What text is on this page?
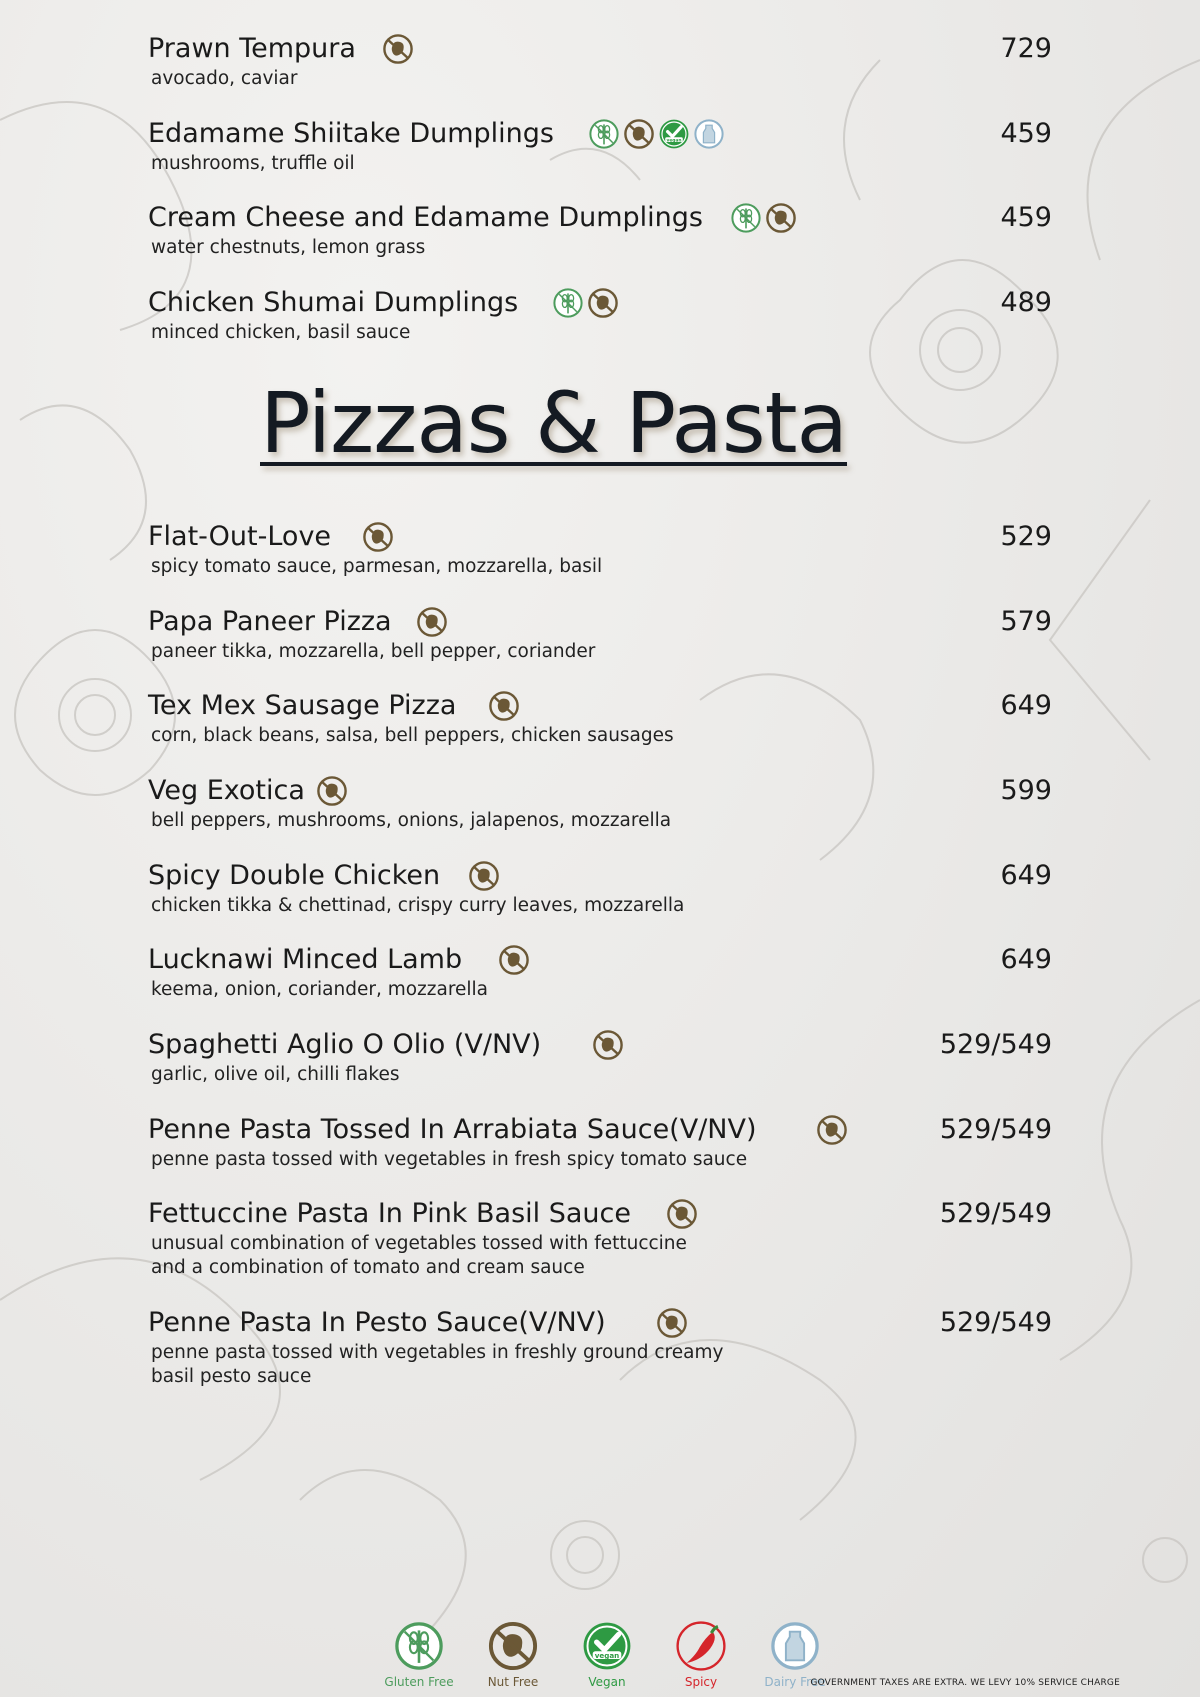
Pizzas & Pasta
Prawn Tempura	729
avocado, caviar
Edamame Shiitake Dumplings	vegan	459
mushrooms, truffle oil
Cream Cheese and Edamame Dumplings	459
water chestnuts, lemon grass
Chicken Shumai Dumplings	489
minced chicken, basil sauce
Flat-Out-Love	529
spicy tomato sauce, parmesan, mozzarella, basil
Papa Paneer Pizza	579
paneer tikka, mozzarella, bell pepper, coriander
Tex Mex Sausage Pizza	649
corn, black beans, salsa, bell peppers, chicken sausages
Veg Exotica	599
bell peppers, mushrooms, onions, jalapenos, mozzarella
Spicy Double Chicken	649
chicken tikka & chettinad, crispy curry leaves, mozzarella
Lucknawi Minced Lamb	649
keema, onion, coriander, mozzarella
Spaghetti Aglio O Olio (V/NV)	529/549
garlic, olive oil, chilli flakes
Penne Pasta Tossed In Arrabiata Sauce(V/NV)	529/549
penne pasta tossed with vegetables in fresh spicy tomato sauce
Fettuccine Pasta In Pink Basil Sauce	529/549
unusual combination of vegetables tossed with fettuccine
and a combination of tomato and cream sauce
Penne Pasta In Pesto Sauce(V/NV)	529/549
penne pasta tossed with vegetables in freshly ground creamy
basil pesto sauce
Gluten Free	Nut Free
vegan
Vegan	Spicy	Dairy Free
GOVERNMENT TAXES ARE EXTRA. WE LEVY 10% SERVICE CHARGE
